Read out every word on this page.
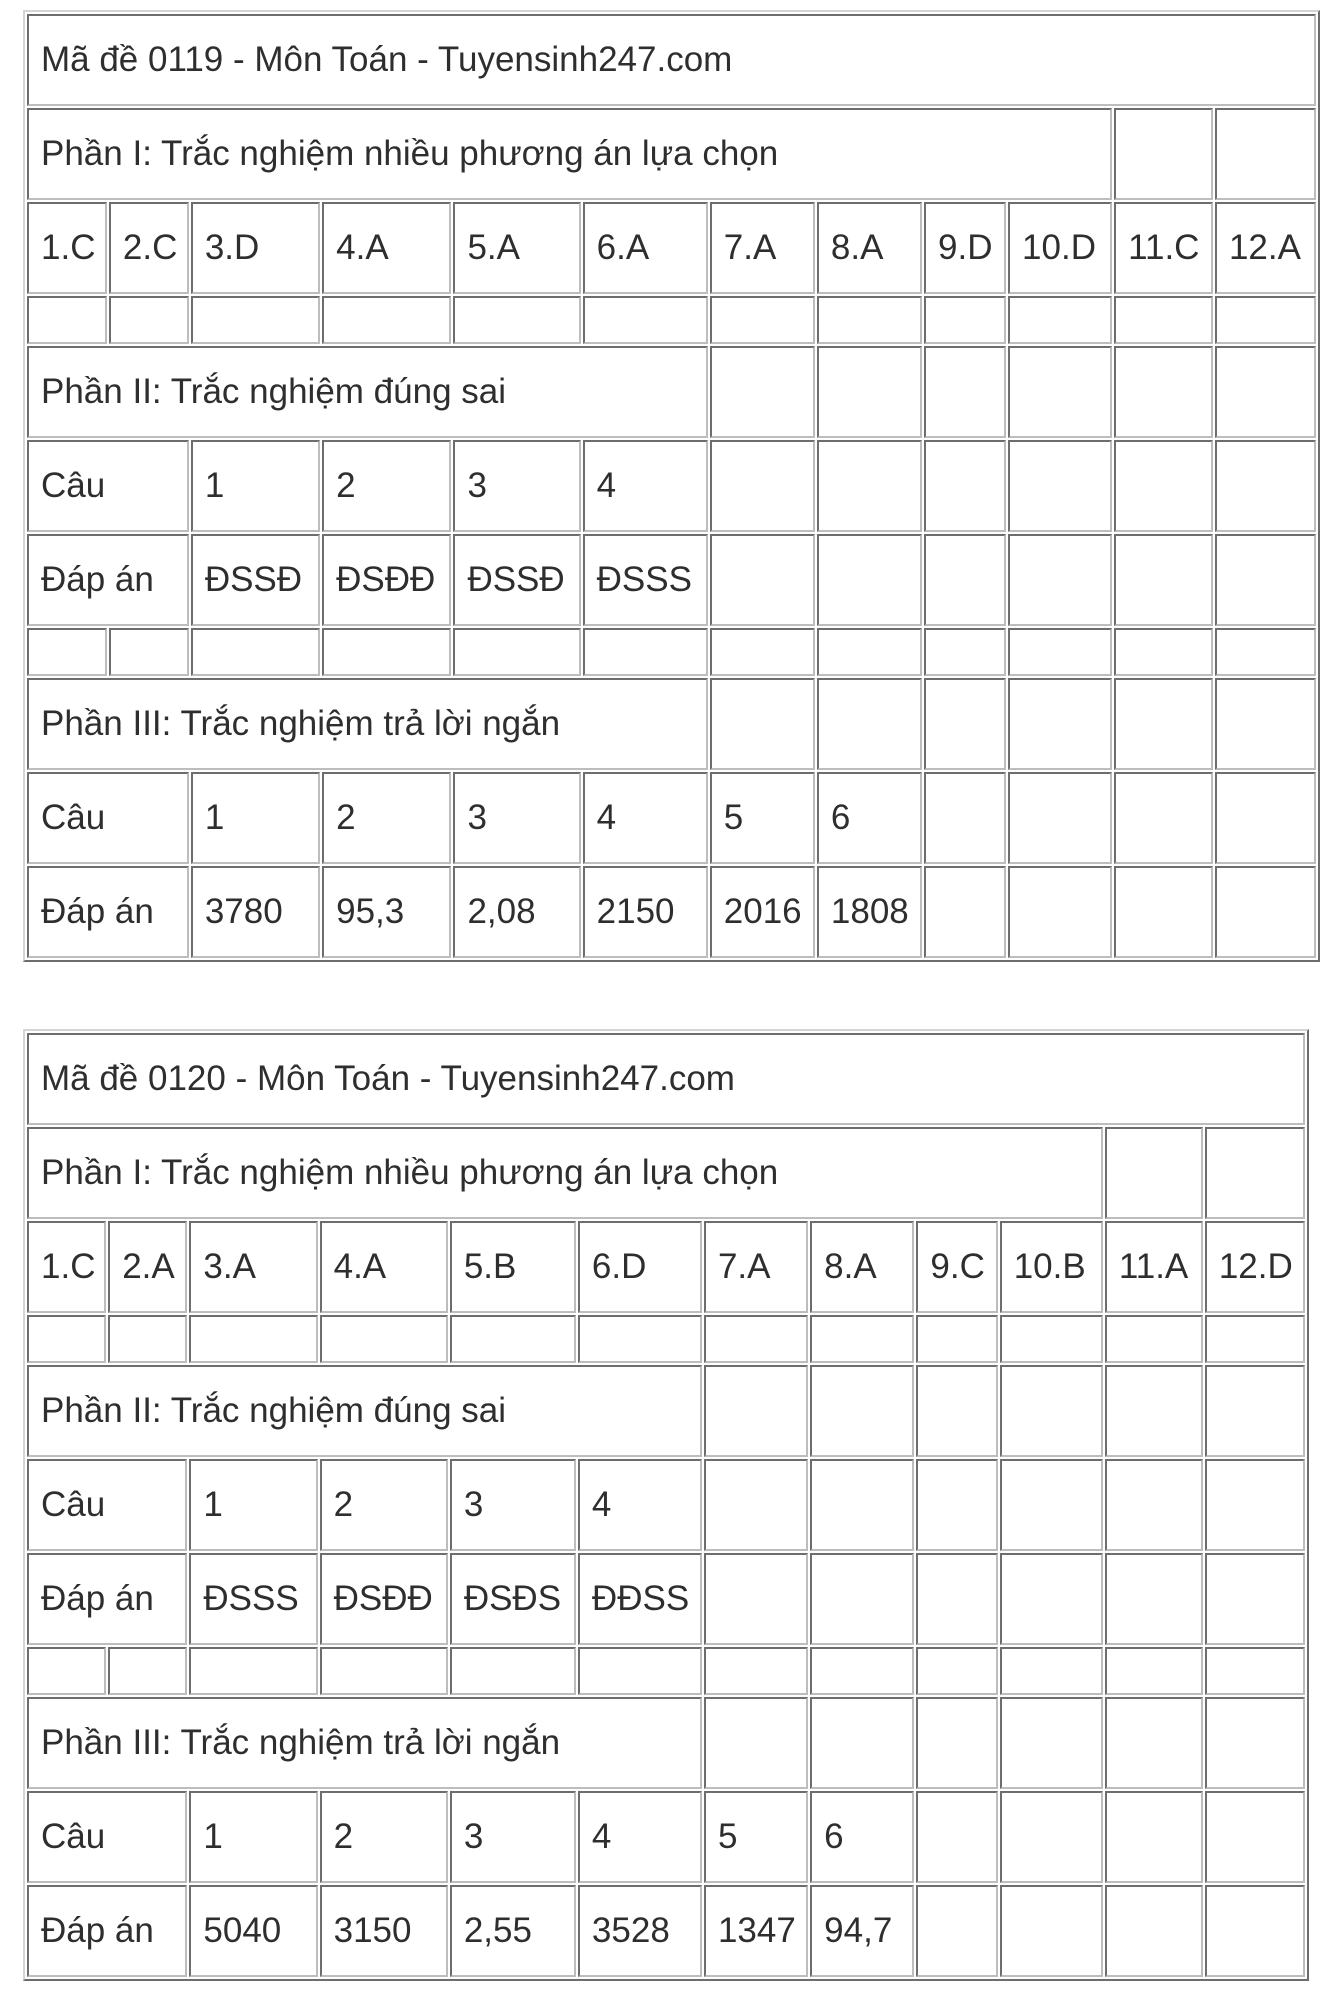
Mã đề 0119 - Môn Toán - Tuyensinh247.com											
Phần I: Trắc nghiệm nhiều phương án lựa chọn											
1.C	2.C	3.D	4.A	5.A	6.A	7.A	8.A	9.D	10.D	11.C	12.A

Phần II: Trắc nghiệm đúng sai											
Câu		1	2	3	4						
Đáp án		ĐSSĐ	ĐSĐĐ	ĐSSĐ	ĐSSS						

Phần III: Trắc nghiệm trả lời ngắn											
Câu		1	2	3	4	5	6				
Đáp án		3780	95,3	2,08	2150	2016	1808				
Mã đề 0120 - Môn Toán - Tuyensinh247.com											
Phần I: Trắc nghiệm nhiều phương án lựa chọn											
1.C	2.A	3.A	4.A	5.B	6.D	7.A	8.A	9.C	10.B	11.A	12.D

Phần II: Trắc nghiệm đúng sai											
Câu		1	2	3	4						
Đáp án		ĐSSS	ĐSĐĐ	ĐSĐS	ĐĐSS						

Phần III: Trắc nghiệm trả lời ngắn											
Câu		1	2	3	4	5	6				
Đáp án		5040	3150	2,55	3528	1347	94,7				
